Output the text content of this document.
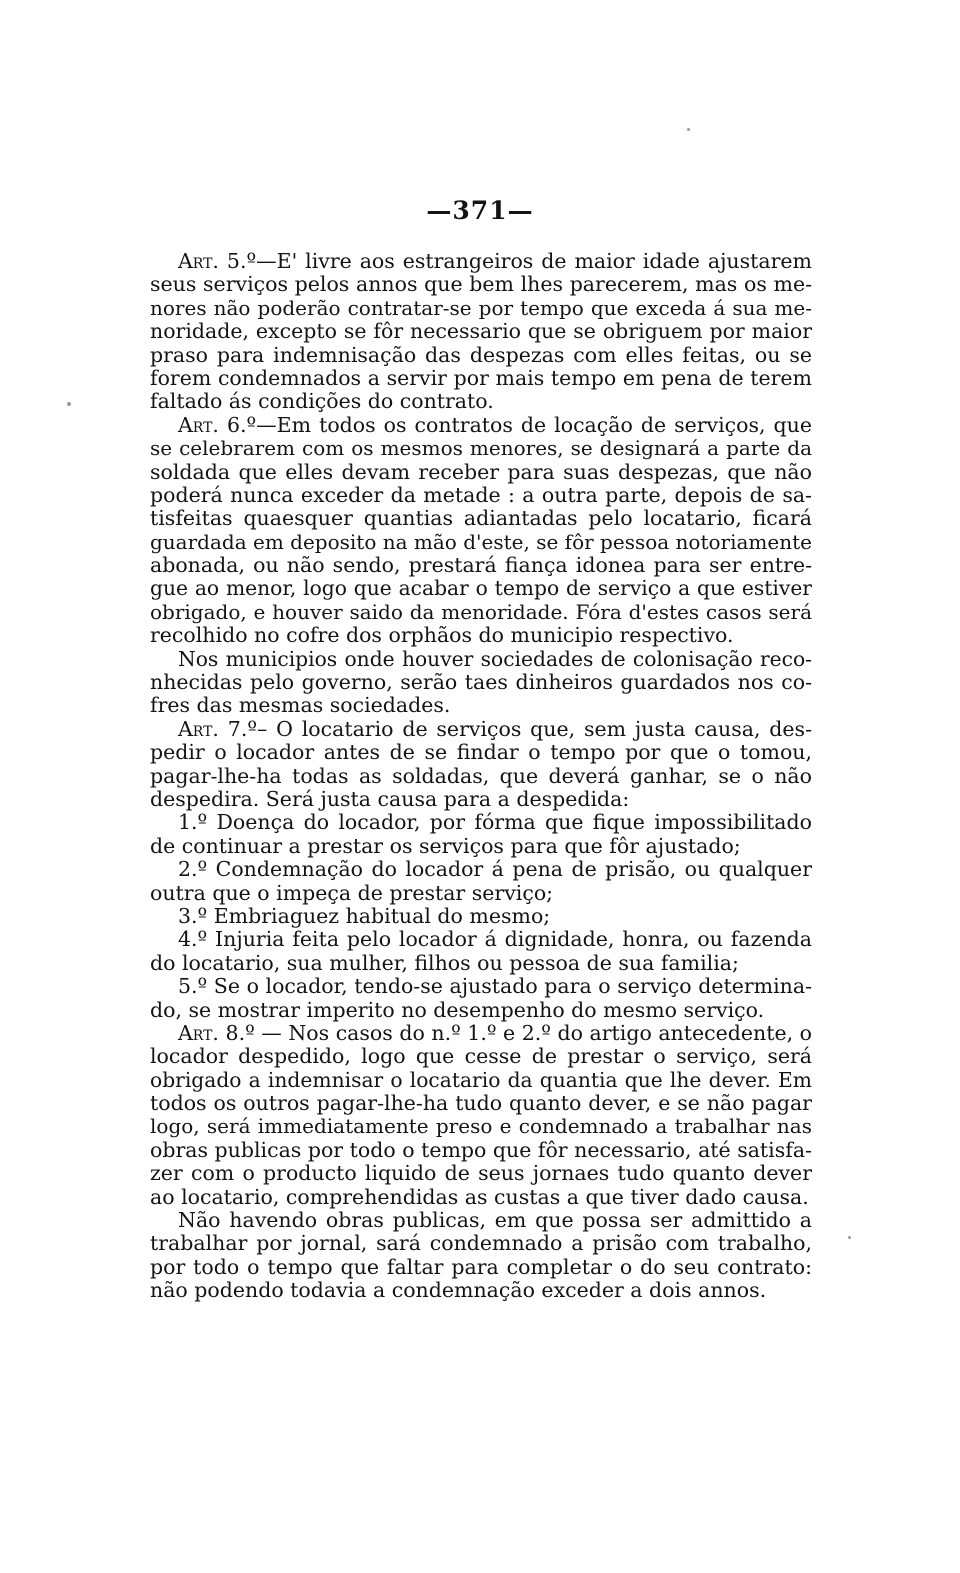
—371—
Art. 5.º—E' livre aos estrangeiros de maior idade ajustarem
seus serviços pelos annos que bem lhes parecerem, mas os me-
nores não poderão contratar-se por tempo que exceda á sua me-
noridade, excepto se fôr necessario que se obriguem por maior
praso para indemnisação das despezas com elles feitas, ou se
forem condemnados a servir por mais tempo em pena de terem
faltado ás condições do contrato.
Art. 6.º—Em todos os contratos de locação de serviços, que
se celebrarem com os mesmos menores, se designará a parte da
soldada que elles devam receber para suas despezas, que não
poderá nunca exceder da metade : a outra parte, depois de sa-
tisfeitas quaesquer quantias adiantadas pelo locatario, ficará
guardada em deposito na mão d'este, se fôr pessoa notoriamente
abonada, ou não sendo, prestará fiança idonea para ser entre-
gue ao menor, logo que acabar o tempo de serviço a que estiver
obrigado, e houver saido da menoridade. Fóra d'estes casos será
recolhido no cofre dos orphãos do municipio respectivo.
Nos municipios onde houver sociedades de colonisação reco-
nhecidas pelo governo, serão taes dinheiros guardados nos co-
fres das mesmas sociedades.
Art. 7.º– O locatario de serviços que, sem justa causa, des-
pedir o locador antes de se findar o tempo por que o tomou,
pagar-lhe-ha todas as soldadas, que deverá ganhar, se o não
despedira. Será justa causa para a despedida:
1.º Doença do locador, por fórma que fique impossibilitado
de continuar a prestar os serviços para que fôr ajustado;
2.º Condemnação do locador á pena de prisão, ou qualquer
outra que o impeça de prestar serviço;
3.º Embriaguez habitual do mesmo;
4.º Injuria feita pelo locador á dignidade, honra, ou fazenda
do locatario, sua mulher, filhos ou pessoa de sua familia;
5.º Se o locador, tendo-se ajustado para o serviço determina-
do, se mostrar imperito no desempenho do mesmo serviço.
Art. 8.º — Nos casos do n.º 1.º e 2.º do artigo antecedente, o
locador despedido, logo que cesse de prestar o serviço, será
obrigado a indemnisar o locatario da quantia que lhe dever. Em
todos os outros pagar-lhe-ha tudo quanto dever, e se não pagar
logo, será immediatamente preso e condemnado a trabalhar nas
obras publicas por todo o tempo que fôr necessario, até satisfa-
zer com o producto liquido de seus jornaes tudo quanto dever
ao locatario, comprehendidas as custas a que tiver dado causa.
Não havendo obras publicas, em que possa ser admittido a
trabalhar por jornal, sará condemnado a prisão com trabalho,
por todo o tempo que faltar para completar o do seu contrato:
não podendo todavia a condemnação exceder a dois annos.
